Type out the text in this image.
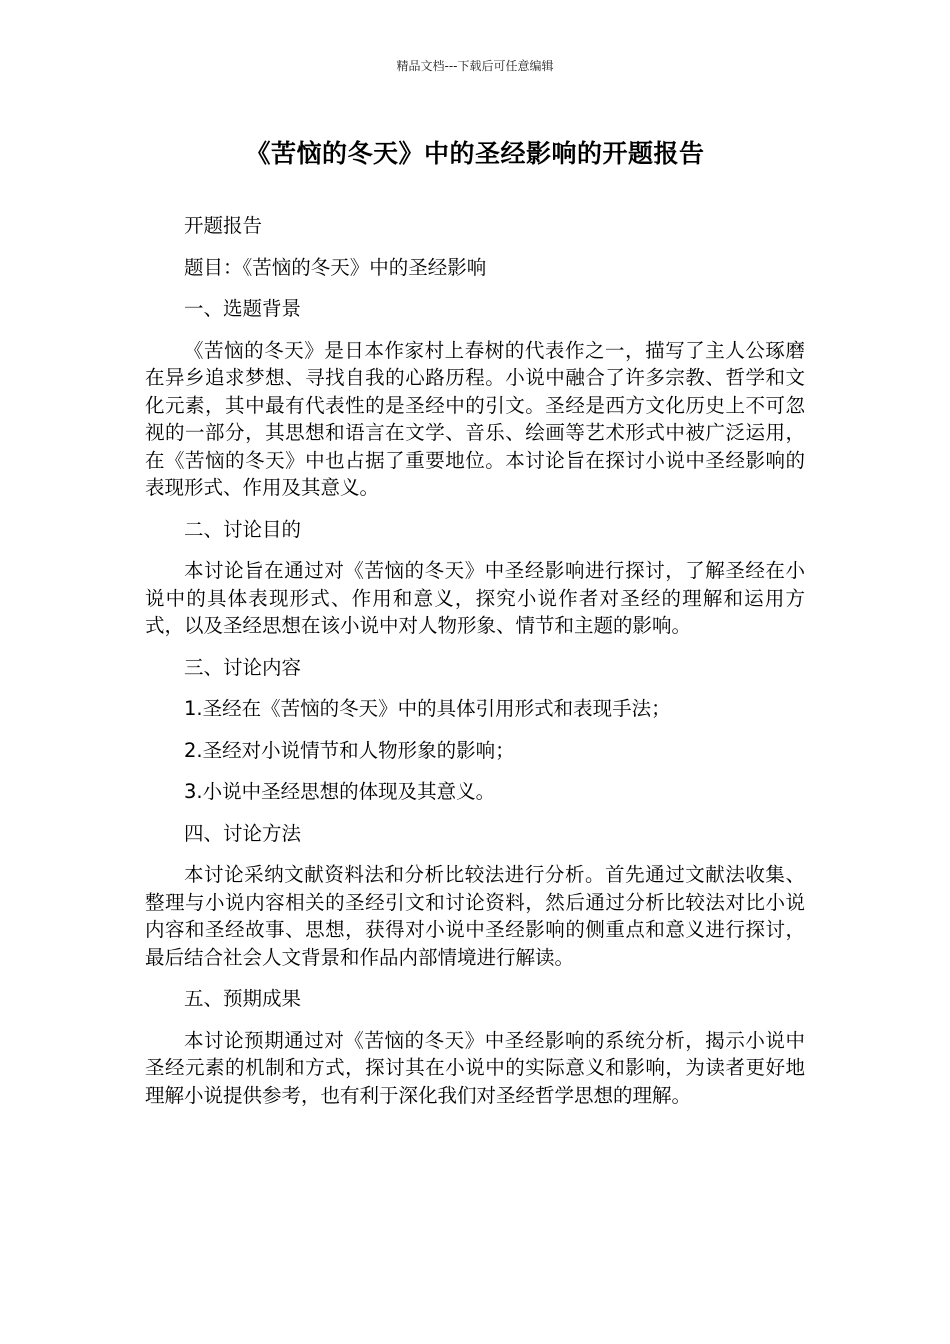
精品文档---下载后可任意编辑
《苦恼的冬天》中的圣经影响的开题报告

开题报告

题目：《苦恼的冬天》中的圣经影响

一、选题背景

《苦恼的冬天》是日本作家村上春树的代表作之一，描写了主人公琢磨在异乡追求梦想、寻找自我的心路历程。小说中融合了许多宗教、哲学和文化元素，其中最有代表性的是圣经中的引文。圣经是西方文化历史上不可忽视的一部分，其思想和语言在文学、音乐、绘画等艺术形式中被广泛运用，在《苦恼的冬天》中也占据了重要地位。本讨论旨在探讨小说中圣经影响的表现形式、作用及其意义。

二、讨论目的

本讨论旨在通过对《苦恼的冬天》中圣经影响进行探讨，了解圣经在小说中的具体表现形式、作用和意义，探究小说作者对圣经的理解和运用方式，以及圣经思想在该小说中对人物形象、情节和主题的影响。

三、讨论内容

1.圣经在《苦恼的冬天》中的具体引用形式和表现手法；

2.圣经对小说情节和人物形象的影响；

3.小说中圣经思想的体现及其意义。

四、讨论方法

本讨论采纳文献资料法和分析比较法进行分析。首先通过文献法收集、整理与小说内容相关的圣经引文和讨论资料，然后通过分析比较法对比小说内容和圣经故事、思想，获得对小说中圣经影响的侧重点和意义进行探讨，最后结合社会人文背景和作品内部情境进行解读。

五、预期成果

本讨论预期通过对《苦恼的冬天》中圣经影响的系统分析，揭示小说中圣经元素的机制和方式，探讨其在小说中的实际意义和影响，为读者更好地理解小说提供参考，也有利于深化我们对圣经哲学思想的理解。
